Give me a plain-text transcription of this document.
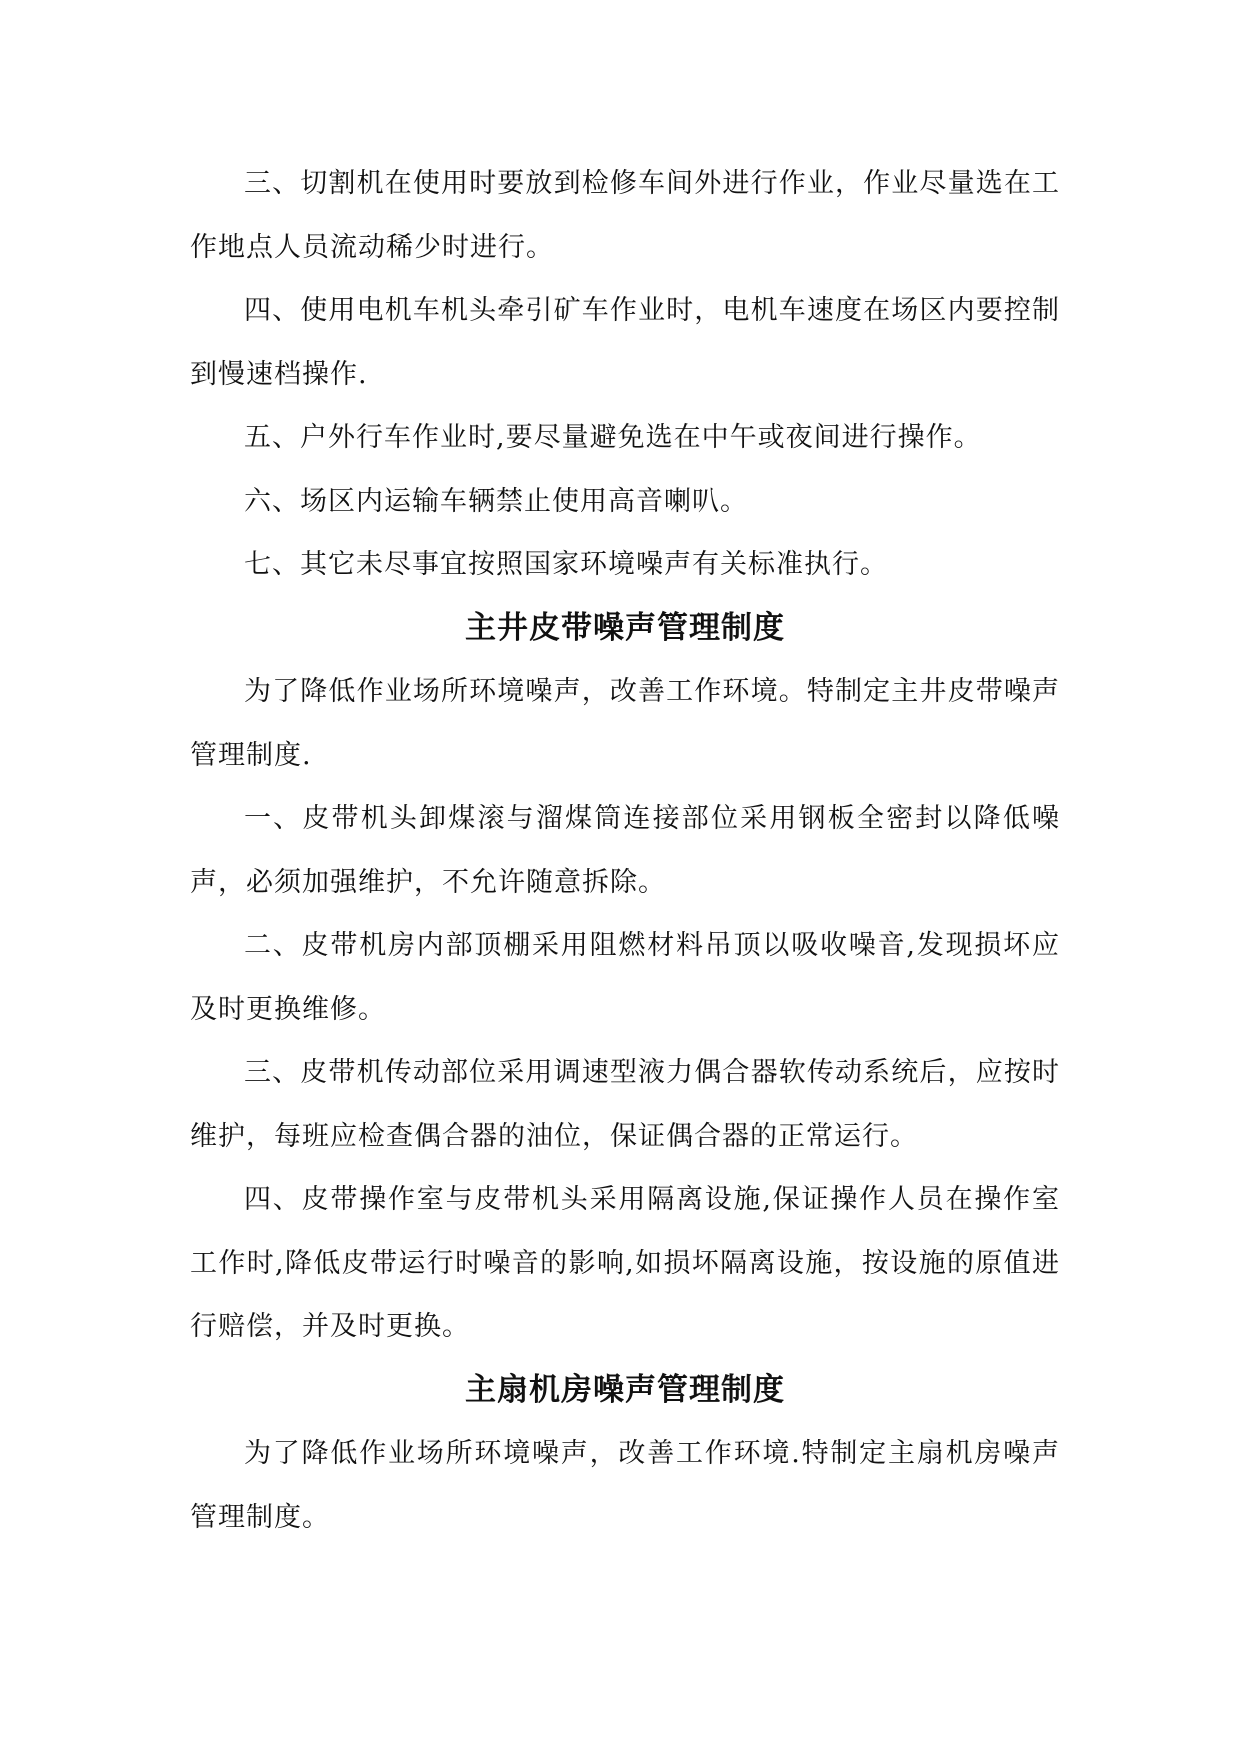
三、切割机在使用时要放到检修车间外进行作业，作业尽量选在工作地点人员流动稀少时进行。

四、使用电机车机头牵引矿车作业时，电机车速度在场区内要控制到慢速档操作.

五、户外行车作业时,要尽量避免选在中午或夜间进行操作。

六、场区内运输车辆禁止使用高音喇叭。

七、其它未尽事宜按照国家环境噪声有关标准执行。

主井皮带噪声管理制度

为了降低作业场所环境噪声，改善工作环境。特制定主井皮带噪声管理制度.

一、皮带机头卸煤滚与溜煤筒连接部位采用钢板全密封以降低噪声，必须加强维护，不允许随意拆除。

二、皮带机房内部顶棚采用阻燃材料吊顶以吸收噪音,发现损坏应及时更换维修。

三、皮带机传动部位采用调速型液力偶合器软传动系统后，应按时维护，每班应检查偶合器的油位，保证偶合器的正常运行。

四、皮带操作室与皮带机头采用隔离设施,保证操作人员在操作室工作时,降低皮带运行时噪音的影响,如损坏隔离设施，按设施的原值进行赔偿，并及时更换。

主扇机房噪声管理制度

为了降低作业场所环境噪声，改善工作环境.特制定主扇机房噪声管理制度。
